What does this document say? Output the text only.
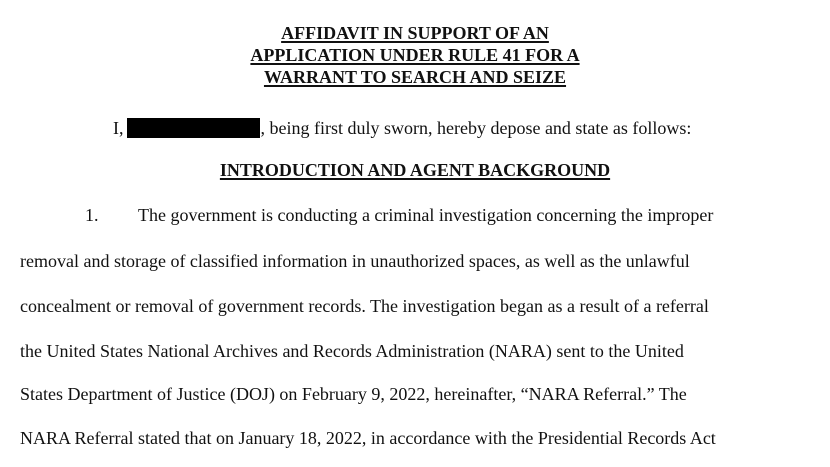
AFFIDAVIT IN SUPPORT OF AN
APPLICATION UNDER RULE 41 FOR A
WARRANT TO SEARCH AND SEIZE
I,	, being first duly sworn, hereby depose and state as follows:
INTRODUCTION AND AGENT BACKGROUND
1. The government is conducting a criminal investigation concerning the improper
removal and storage of classified information in unauthorized spaces, as well as the unlawful
concealment or removal of government records. The investigation began as a result of a referral
the United States National Archives and Records Administration (NARA) sent to the United
States Department of Justice (DOJ) on February 9, 2022, hereinafter, “NARA Referral.” The
NARA Referral stated that on January 18, 2022, in accordance with the Presidential Records Act
